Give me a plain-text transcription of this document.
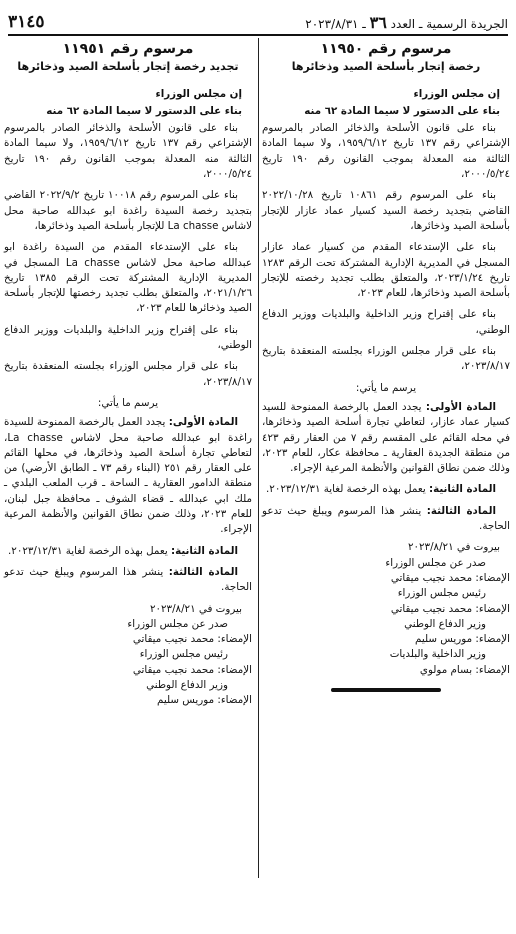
الجريدة الرسمية ـ العدد ٣٦ ـ ٢٠٢٣/٨/٣١
٣١٤٥
مرسوم رقم ١١٩٥٠
رخصة إتجار بأسلحة الصيد وذخائرها
إن مجلس الوزراء
بناء على الدستور لا سيما المادة ٦٢ منه
بناء على قانون الأسلحة والذخائر الصادر بالمرسوم الإشتراعي رقم ١٣٧ تاريخ ١٩٥٩/٦/١٢، ولا سيما المادة الثالثة منه المعدلة بموجب القانون رقم ١٩٠ تاريخ ٢٠٠٠/٥/٢٤،
بناء على المرسوم رقم ١٠٨٦١ تاريخ ٢٠٢٢/١٠/٢٨ القاضي بتجديد رخصة السيد كسيار عماد عازار للإتجار بأسلحة الصيد وذخائرها،
بناء على الإستدعاء المقدم من كسيار عماد عازار المسجل في المديرية الإدارية المشتركة تحت الرقم ١٢٨٣ تاريخ ٢٠٢٣/١/٢٤، والمتعلق بطلب تجديد رخصته للإتجار بأسلحة الصيد وذخائرها، للعام ٢٠٢٣،
بناء على إقتراح وزير الداخلية والبلديات ووزير الدفاع الوطني،
بناء على قرار مجلس الوزراء بجلسته المنعقدة بتاريخ ٢٠٢٣/٨/١٧،
يرسم ما يأتي:
المادة الأولى: يجدد العمل بالرخصة الممنوحة للسيد كسيار عماد عازار، لتعاطي تجارة أسلحة الصيد وذخائرها، في محله القائم على المقسم رقم ٧ من العقار رقم ٤٢٣ من منطقة الجديدة العقارية ـ محافظة عكار، للعام ٢٠٢٣، وذلك ضمن نطاق القوانين والأنظمة المرعية الإجراء.
المادة الثانية: يعمل بهذه الرخصة لغاية ٢٠٢٣/١٢/٣١.
المادة الثالثة: ينشر هذا المرسوم ويبلغ حيث تدعو الحاجة.
بيروت في ٢٠٢٣/٨/٢١
صدر عن مجلس الوزراء
الإمضاء: محمد نجيب ميقاتي
رئيس مجلس الوزراء
الإمضاء: محمد نجيب ميقاتي
وزير الدفاع الوطني
الإمضاء: موريس سليم
وزير الداخلية والبلديات
الإمضاء: بسام مولوي
مرسوم رقم ١١٩٥١
تجديد رخصة إتجار بأسلحة الصيد وذخائرها
إن مجلس الوزراء
بناء على الدستور لا سيما المادة ٦٢ منه
بناء على قانون الأسلحة والذخائر الصادر بالمرسوم الإشتراعي رقم ١٣٧ تاريخ ١٩٥٩/٦/١٢، ولا سيما المادة الثالثة منه المعدلة بموجب القانون رقم ١٩٠ تاريخ ٢٠٠٠/٥/٢٤،
بناء على المرسوم رقم ١٠٠١٨ تاريخ ٢٠٢٢/٩/٢ القاضي بتجديد رخصة السيدة راغدة ابو عبدالله صاحبة محل لاشاس La chasse للإتجار بأسلحة الصيد وذخائرها،
بناء على الإستدعاء المقدم من السيدة راغدة ابو عبدالله صاحبة محل لاشاس La chasse المسجل في المديرية الإدارية المشتركة تحت الرقم ١٣٨٥ تاريخ ٢٠٢١/١/٢٦، والمتعلق بطلب تجديد رخصتها للإتجار بأسلحة الصيد وذخائرها للعام ٢٠٢٣،
بناء على إقتراح وزير الداخلية والبلديات ووزير الدفاع الوطني،
بناء على قرار مجلس الوزراء بجلسته المنعقدة بتاريخ ٢٠٢٣/٨/١٧،
يرسم ما يأتي:
المادة الأولى: يجدد العمل بالرخصة الممنوحة للسيدة راغدة ابو عبدالله صاحبة محل لاشاس La chasse، لتعاطي تجارة أسلحة الصيد وذخائرها، في محلها القائم على العقار رقم ٢٥١ (البناء رقم ٧٣ ـ الطابق الأرضي) من منطقة الدامور العقارية ـ الساحة ـ قرب الملعب البلدي ـ ملك ابي عبدالله ـ قضاء الشوف ـ محافظة جبل لبنان، للعام ٢٠٢٣، وذلك ضمن نطاق القوانين والأنظمة المرعية الإجراء.
المادة الثانية: يعمل بهذه الرخصة لغاية ٢٠٢٣/١٢/٣١.
المادة الثالثة: ينشر هذا المرسوم ويبلغ حيث تدعو الحاجة.
بيروت في ٢٠٢٣/٨/٢١
صدر عن مجلس الوزراء
الإمضاء: محمد نجيب ميقاتي
رئيس مجلس الوزراء
الإمضاء: محمد نجيب ميقاتي
وزير الدفاع الوطني
الإمضاء: موريس سليم
